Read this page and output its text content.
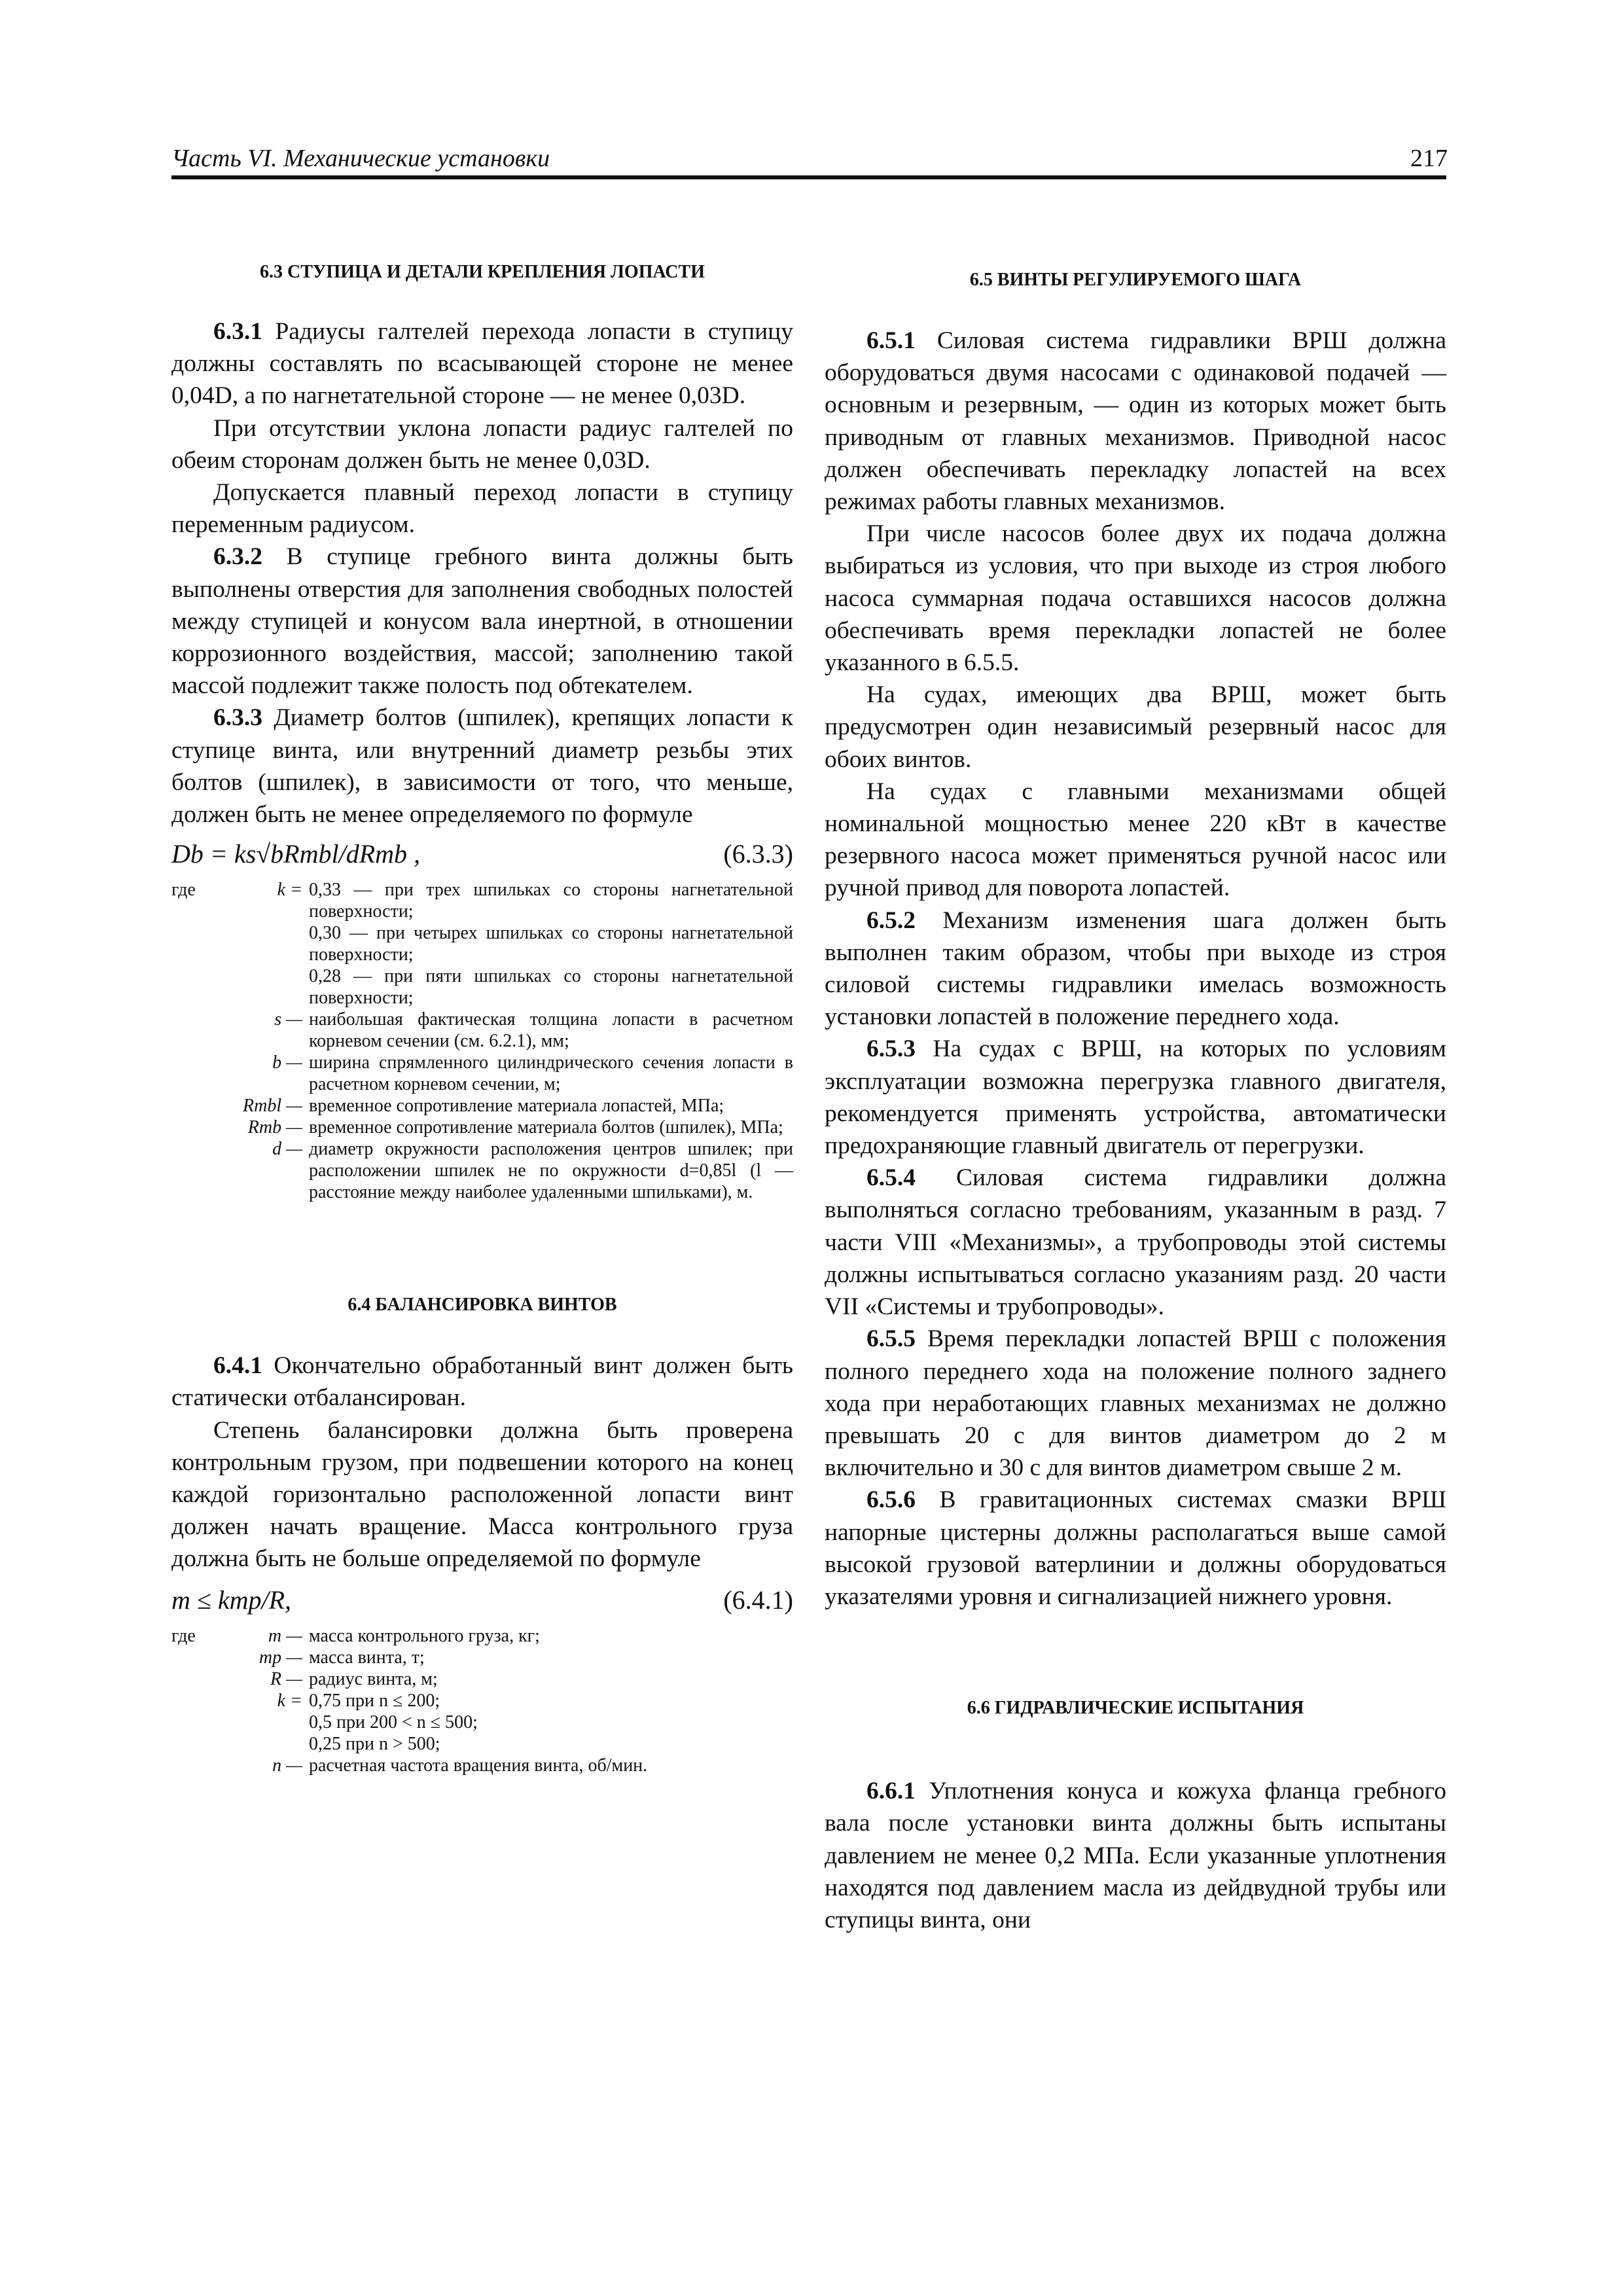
Часть VI. Механические установки	217
6.3 СТУПИЦА И ДЕТАЛИ КРЕПЛЕНИЯ ЛОПАСТИ

6.3.1 Радиусы галтелей перехода лопасти в ступицу должны составлять по всасывающей стороне не менее 0,04D, а по нагнетательной стороне — не менее 0,03D.

При отсутствии уклона лопасти радиус галтелей по обеим сторонам должен быть не менее 0,03D.

Допускается плавный переход лопасти в ступицу переменным радиусом.

6.3.2 В ступице гребного винта должны быть выполнены отверстия для заполнения свободных полостей между ступицей и конусом вала инертной, в отношении коррозионного воздействия, массой; заполнению такой массой подлежит также полость под обтекателем.

6.3.3 Диаметр болтов (шпилек), крепящих лопасти к ступице винта, или внутренний диаметр резьбы этих болтов (шпилек), в зависимости от того, что меньше, должен быть не менее определяемого по формуле

Db = ks√bRmbl/dRmb ,	(6.3.3)
где	k = 0,33 — при трех шпильках со стороны нагнетательной поверхности;
0,30 — при четырех шпильках со стороны нагнетательной поверхности;
0,28 — при пяти шпильках со стороны нагнетательной поверхности;
s — наибольшая фактическая толщина лопасти в расчетном корневом сечении (см. 6.2.1), мм;
b — ширина спрямленного цилиндрического сечения лопасти в расчетном корневом сечении, м;
Rmbl — временное сопротивление материала лопастей, МПа;
Rmb — временное сопротивление материала болтов (шпилек), МПа;
d — диаметр окружности расположения центров шпилек; при расположении шпилек не по окружности d=0,85l (l — расстояние между наиболее удаленными шпильками), м.
6.4 БАЛАНСИРОВКА ВИНТОВ

6.4.1 Окончательно обработанный винт должен быть статически отбалансирован.

Степень балансировки должна быть проверена контрольным грузом, при подвешении которого на конец каждой горизонтально расположенной лопасти винт должен начать вращение. Масса контрольного груза должна быть не больше определяемой по формуле

m ≤ kmp/R,	(6.4.1)
где	m — масса контрольного груза, кг;
mp — масса винта, т;
R — радиус винта, м;
k = 0,75 при n ≤ 200;
0,5 при 200 < n ≤ 500;
0,25 при n > 500;
n — расчетная частота вращения винта, об/мин.
6.5 ВИНТЫ РЕГУЛИРУЕМОГО ШАГА

6.5.1 Силовая система гидравлики ВРШ должна оборудоваться двумя насосами с одинаковой подачей — основным и резервным, — один из которых может быть приводным от главных механизмов. Приводной насос должен обеспечивать перекладку лопастей на всех режимах работы главных механизмов.

При числе насосов более двух их подача должна выбираться из условия, что при выходе из строя любого насоса суммарная подача оставшихся насосов должна обеспечивать время перекладки лопастей не более указанного в 6.5.5.

На судах, имеющих два ВРШ, может быть предусмотрен один независимый резервный насос для обоих винтов.

На судах с главными механизмами общей номинальной мощностью менее 220 кВт в качестве резервного насоса может применяться ручной насос или ручной привод для поворота лопастей.

6.5.2 Механизм изменения шага должен быть выполнен таким образом, чтобы при выходе из строя силовой системы гидравлики имелась возможность установки лопастей в положение переднего хода.

6.5.3 На судах с ВРШ, на которых по условиям эксплуатации возможна перегрузка главного двигателя, рекомендуется применять устройства, автоматически предохраняющие главный двигатель от перегрузки.

6.5.4 Силовая система гидравлики должна выполняться согласно требованиям, указанным в разд. 7 части VIII «Механизмы», а трубопроводы этой системы должны испытываться согласно указаниям разд. 20 части VII «Системы и трубопроводы».

6.5.5 Время перекладки лопастей ВРШ с положения полного переднего хода на положение полного заднего хода при неработающих главных механизмах не должно превышать 20 с для винтов диаметром до 2 м включительно и 30 с для винтов диаметром свыше 2 м.

6.5.6 В гравитационных системах смазки ВРШ напорные цистерны должны располагаться выше самой высокой грузовой ватерлинии и должны оборудоваться указателями уровня и сигнализацией нижнего уровня.

6.6 ГИДРАВЛИЧЕСКИЕ ИСПЫТАНИЯ

6.6.1 Уплотнения конуса и кожуха фланца гребного вала после установки винта должны быть испытаны давлением не менее 0,2 МПа. Если указанные уплотнения находятся под давлением масла из дейдвудной трубы или ступицы винта, они
